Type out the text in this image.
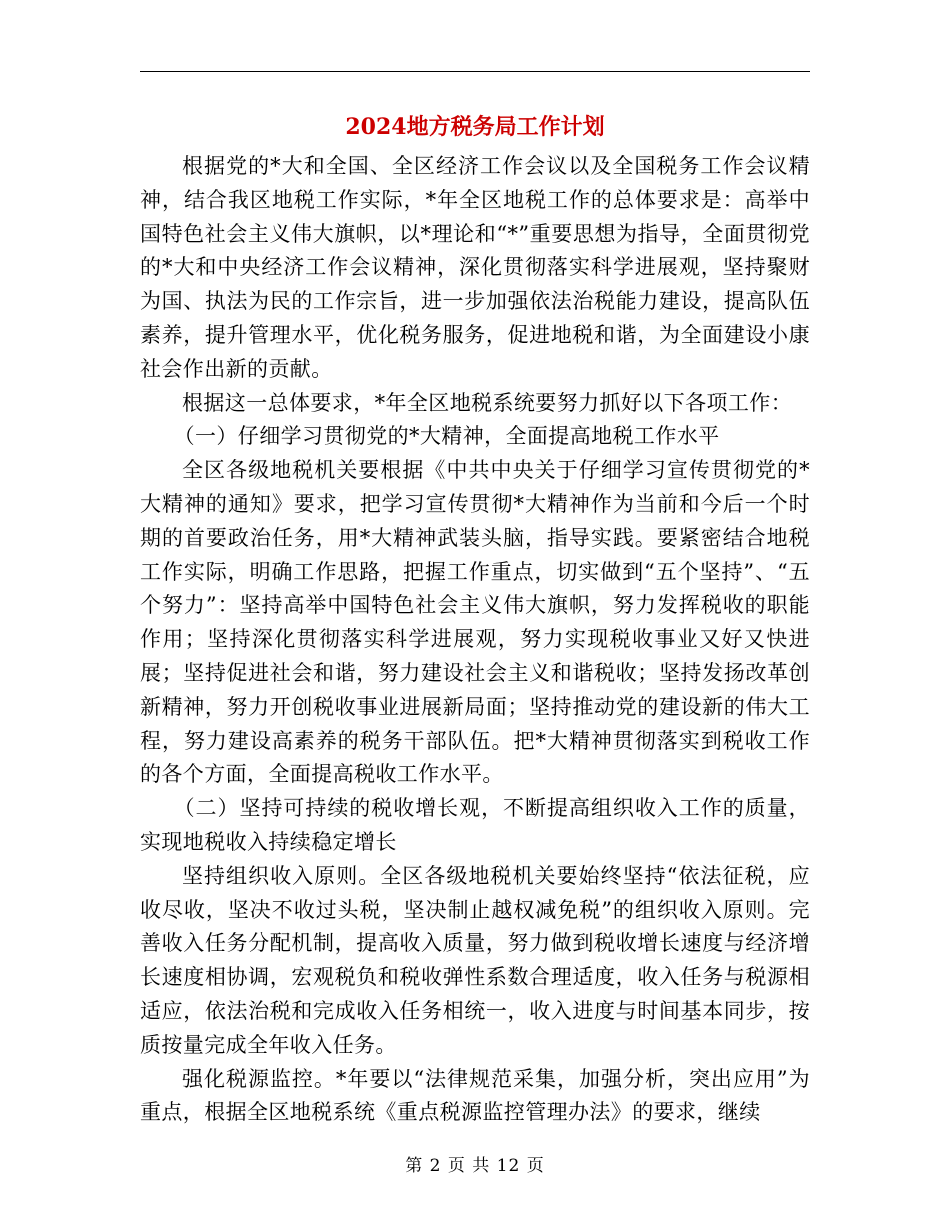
2024地方税务局工作计划

根据党的*大和全国、全区经济工作会议以及全国税务工作会议精神，结合我区地税工作实际，*年全区地税工作的总体要求是：高举中国特色社会主义伟大旗帜，以*理论和“*”重要思想为指导，全面贯彻党的*大和中央经济工作会议精神，深化贯彻落实科学进展观，坚持聚财为国、执法为民的工作宗旨，进一步加强依法治税能力建设，提高队伍素养，提升管理水平，优化税务服务，促进地税和谐，为全面建设小康社会作出新的贡献。

根据这一总体要求，*年全区地税系统要努力抓好以下各项工作：

（一）仔细学习贯彻党的*大精神，全面提高地税工作水平

全区各级地税机关要根据《中共中央关于仔细学习宣传贯彻党的*大精神的通知》要求，把学习宣传贯彻*大精神作为当前和今后一个时期的首要政治任务，用*大精神武装头脑，指导实践。要紧密结合地税工作实际，明确工作思路，把握工作重点，切实做到“五个坚持”、“五个努力”：坚持高举中国特色社会主义伟大旗帜，努力发挥税收的职能作用；坚持深化贯彻落实科学进展观，努力实现税收事业又好又快进展；坚持促进社会和谐，努力建设社会主义和谐税收；坚持发扬改革创新精神，努力开创税收事业进展新局面；坚持推动党的建设新的伟大工程，努力建设高素养的税务干部队伍。把*大精神贯彻落实到税收工作的各个方面，全面提高税收工作水平。

（二）坚持可持续的税收增长观，不断提高组织收入工作的质量，实现地税收入持续稳定增长

坚持组织收入原则。全区各级地税机关要始终坚持“依法征税，应收尽收，坚决不收过头税，坚决制止越权减免税”的组织收入原则。完善收入任务分配机制，提高收入质量，努力做到税收增长速度与经济增长速度相协调，宏观税负和税收弹性系数合理适度，收入任务与税源相适应，依法治税和完成收入任务相统一，收入进度与时间基本同步，按质按量完成全年收入任务。

强化税源监控。*年要以“法律规范采集，加强分析，突出应用”为重点，根据全区地税系统《重点税源监控管理办法》的要求，继续

第 2 页 共 12 页
